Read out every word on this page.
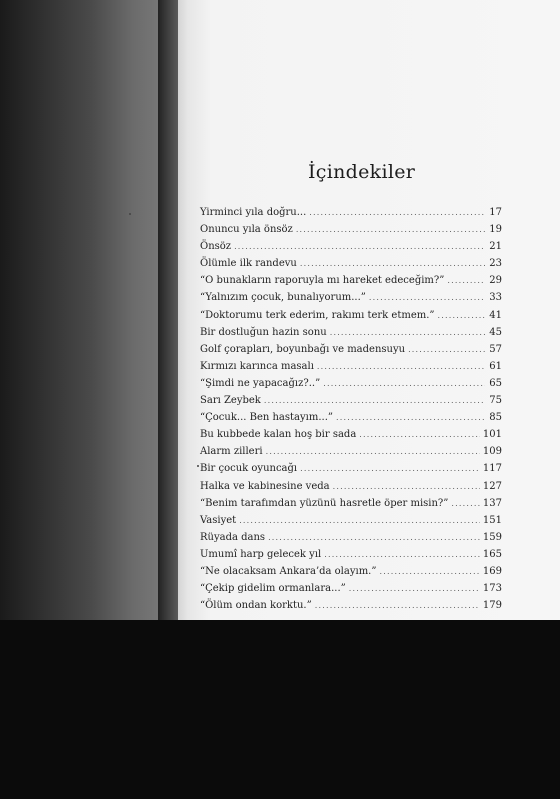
İçindekiler
Yirminci yıla doğru... .....	17
Onuncu yıla önsöz .....	19
Önsöz .....	21
Ölümle ilk randevu .....	23
“O bunakların raporuyla mı hareket edeceğim?” .....	29
“Yalnızım çocuk, bunalıyorum...” .....	33
“Doktorumu terk ederim, rakımı terk etmem.” .....	41
Bir dostluğun hazin sonu .....	45
Golf çorapları, boyunbağı ve madensuyu .....	57
Kırmızı karınca masalı .....	61
“Şimdi ne yapacağız?..” .....	65
Sarı Zeybek .....	75
“Çocuk... Ben hastayım...” .....	85
Bu kubbede kalan hoş bir sada .....	101
Alarm zilleri .....	109
Bir çocuk oyuncağı .....	117
Halka ve kabinesine veda .....	127
“Benim tarafımdan yüzünü hasretle öper misin?” .....	137
Vasiyet .....	151
Rüyada dans .....	159
Umumî harp gelecek yıl .....	165
“Ne olacaksam Ankara’da olayım.” .....	169
“Çekip gidelim ormanlara...” .....	173
“Ölüm ondan korktu.” .....	179
